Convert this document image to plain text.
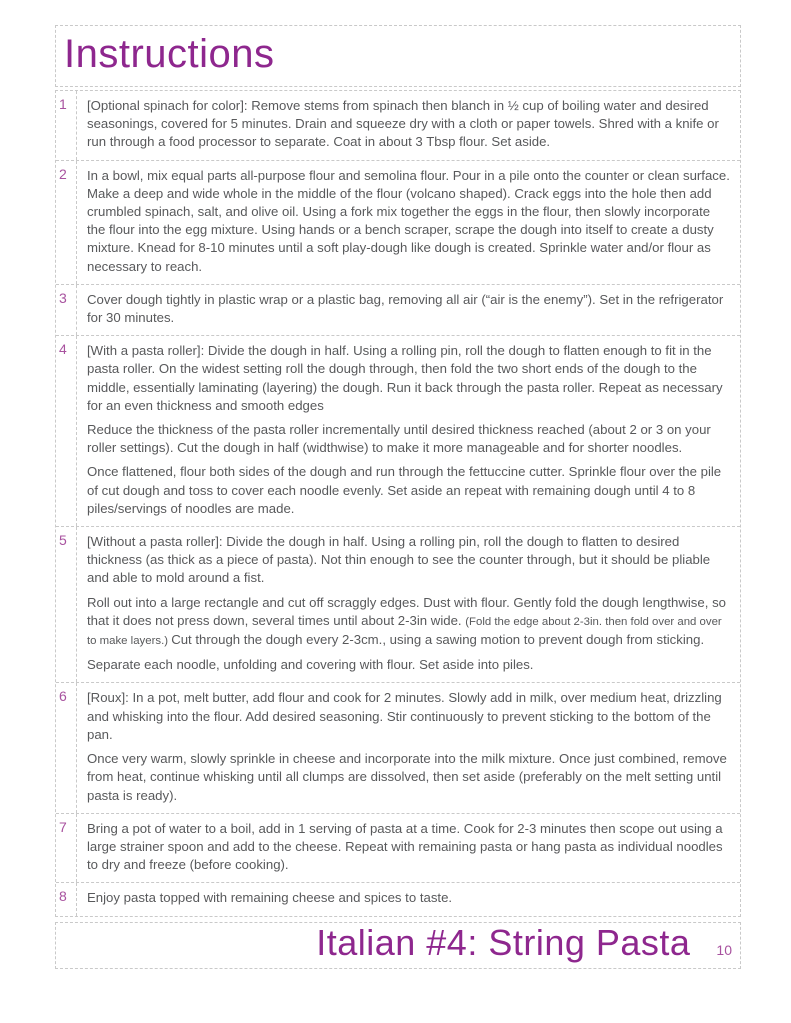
Instructions
1	[Optional spinach for color]: Remove stems from spinach then blanch in ½ cup of boiling water and desired seasonings, covered for 5 minutes. Drain and squeeze dry with a cloth or paper towels. Shred with a knife or run through a food processor to separate. Coat in about 3 Tbsp flour. Set aside.

2	In a bowl, mix equal parts all-purpose flour and semolina flour. Pour in a pile onto the counter or clean surface. Make a deep and wide whole in the middle of the flour (volcano shaped). Crack eggs into the hole then add crumbled spinach, salt, and olive oil. Using a fork mix together the eggs in the flour, then slowly incorporate the flour into the egg mixture. Using hands or a bench scraper, scrape the dough into itself to create a dusty mixture. Knead for 8-10 minutes until a soft play-dough like dough is created. Sprinkle water and/or flour as necessary to reach.

3	Cover dough tightly in plastic wrap or a plastic bag, removing all air (“air is the enemy”). Set in the refrigerator for 30 minutes.

4	[With a pasta roller]: Divide the dough in half. Using a rolling pin, roll the dough to flatten enough to fit in the pasta roller. On the widest setting roll the dough through, then fold the two short ends of the dough to the middle, essentially laminating (layering) the dough. Run it back through the pasta roller. Repeat as necessary for an even thickness and smooth edges

Reduce the thickness of the pasta roller incrementally until desired thickness reached (about 2 or 3 on your roller settings). Cut the dough in half (widthwise) to make it more manageable and for shorter noodles.

Once flattened, flour both sides of the dough and run through the fettuccine cutter. Sprinkle flour over the pile of cut dough and toss to cover each noodle evenly. Set aside an repeat with remaining dough until 4 to 8 piles/servings of noodles are made.

5	[Without a pasta roller]: Divide the dough in half. Using a rolling pin, roll the dough to flatten to desired thickness (as thick as a piece of pasta). Not thin enough to see the counter through, but it should be pliable and able to mold around a fist.

Roll out into a large rectangle and cut off scraggly edges. Dust with flour. Gently fold the dough lengthwise, so that it does not press down, several times until about 2-3in wide. (Fold the edge about 2-3in. then fold over and over to make layers.) Cut through the dough every 2-3cm., using a sawing motion to prevent dough from sticking.

Separate each noodle, unfolding and covering with flour. Set aside into piles.

6	[Roux]: In a pot, melt butter, add flour and cook for 2 minutes. Slowly add in milk, over medium heat, drizzling and whisking into the flour. Add desired seasoning. Stir continuously to prevent sticking to the bottom of the pan.

Once very warm, slowly sprinkle in cheese and incorporate into the milk mixture. Once just combined, remove from heat, continue whisking until all clumps are dissolved, then set aside (preferably on the melt setting until pasta is ready).

7	Bring a pot of water to a boil, add in 1 serving of pasta at a time. Cook for 2-3 minutes then scope out using a large strainer spoon and add to the cheese. Repeat with remaining pasta or hang pasta as individual noodles to dry and freeze (before cooking).

8	Enjoy pasta topped with remaining cheese and spices to taste.

Italian #4: String Pasta 10
